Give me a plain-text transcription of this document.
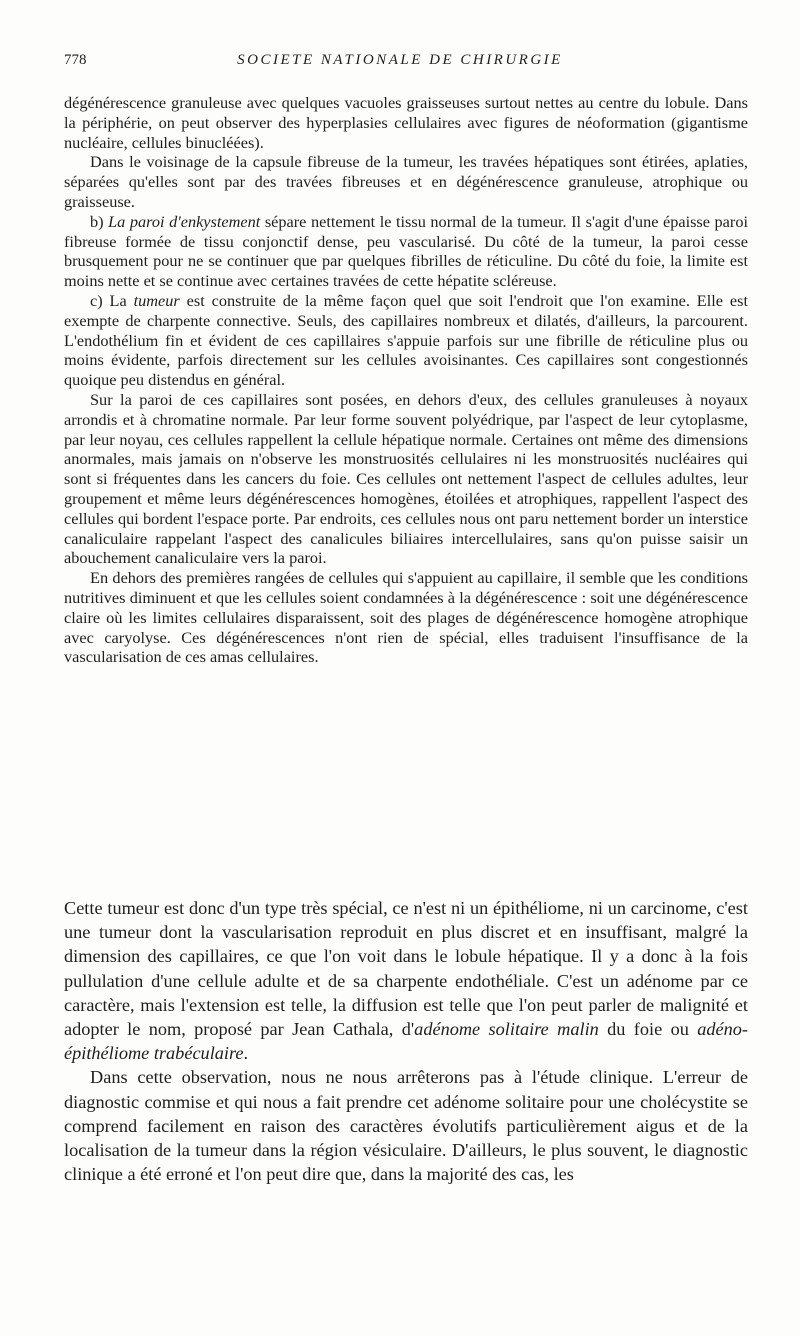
778	SOCIETE NATIONALE DE CHIRURGIE

dégénérescence granuleuse avec quelques vacuoles graisseuses surtout nettes au centre du lobule. Dans la périphérie, on peut observer des hyperplasies cellulaires avec figures de néoformation (gigantisme nucléaire, cellules binucléées).

Dans le voisinage de la capsule fibreuse de la tumeur, les travées hépatiques sont étirées, aplaties, séparées qu'elles sont par des travées fibreuses et en dégénérescence granuleuse, atrophique ou graisseuse.

b) La paroi d'enkystement sépare nettement le tissu normal de la tumeur. Il s'agit d'une épaisse paroi fibreuse formée de tissu conjonctif dense, peu vascularisé. Du côté de la tumeur, la paroi cesse brusquement pour ne se continuer que par quelques fibrilles de réticuline. Du côté du foie, la limite est moins nette et se continue avec certaines travées de cette hépatite scléreuse.

c) La tumeur est construite de la même façon quel que soit l'endroit que l'on examine. Elle est exempte de charpente connective. Seuls, des capillaires nombreux et dilatés, d'ailleurs, la parcourent. L'endothélium fin et évident de ces capillaires s'appuie parfois sur une fibrille de réticuline plus ou moins évidente, parfois directement sur les cellules avoisinantes. Ces capillaires sont congestionnés quoique peu distendus en général.

Sur la paroi de ces capillaires sont posées, en dehors d'eux, des cellules granuleuses à noyaux arrondis et à chromatine normale. Par leur forme souvent polyédrique, par l'aspect de leur cytoplasme, par leur noyau, ces cellules rappellent la cellule hépatique normale. Certaines ont même des dimensions anormales, mais jamais on n'observe les monstruosités cellulaires ni les monstruosités nucléaires qui sont si fréquentes dans les cancers du foie. Ces cellules ont nettement l'aspect de cellules adultes, leur groupement et même leurs dégénérescences homogènes, étoilées et atrophiques, rappellent l'aspect des cellules qui bordent l'espace porte. Par endroits, ces cellules nous ont paru nettement border un interstice canaliculaire rappelant l'aspect des canalicules biliaires intercellulaires, sans qu'on puisse saisir un abouchement canaliculaire vers la paroi.

En dehors des premières rangées de cellules qui s'appuient au capillaire, il semble que les conditions nutritives diminuent et que les cellules soient condamnées à la dégénérescence : soit une dégénérescence claire où les limites cellulaires disparaissent, soit des plages de dégénérescence homogène atrophique avec caryolyse. Ces dégénérescences n'ont rien de spécial, elles traduisent l'insuffisance de la vascularisation de ces amas cellulaires.

Cette tumeur est donc d'un type très spécial, ce n'est ni un épithéliome, ni un carcinome, c'est une tumeur dont la vascularisation reproduit en plus discret et en insuffisant, malgré la dimension des capillaires, ce que l'on voit dans le lobule hépatique. Il y a donc à la fois pullulation d'une cellule adulte et de sa charpente endothéliale. C'est un adénome par ce caractère, mais l'extension est telle, la diffusion est telle que l'on peut parler de malignité et adopter le nom, proposé par Jean Cathala, d'adénome solitaire malin du foie ou adéno-épithéliome trabéculaire.

Dans cette observation, nous ne nous arrêterons pas à l'étude clinique. L'erreur de diagnostic commise et qui nous a fait prendre cet adénome solitaire pour une cholécystite se comprend facilement en raison des caractères évolutifs particulièrement aigus et de la localisation de la tumeur dans la région vésiculaire. D'ailleurs, le plus souvent, le diagnostic clinique a été erroné et l'on peut dire que, dans la majorité des cas, les
